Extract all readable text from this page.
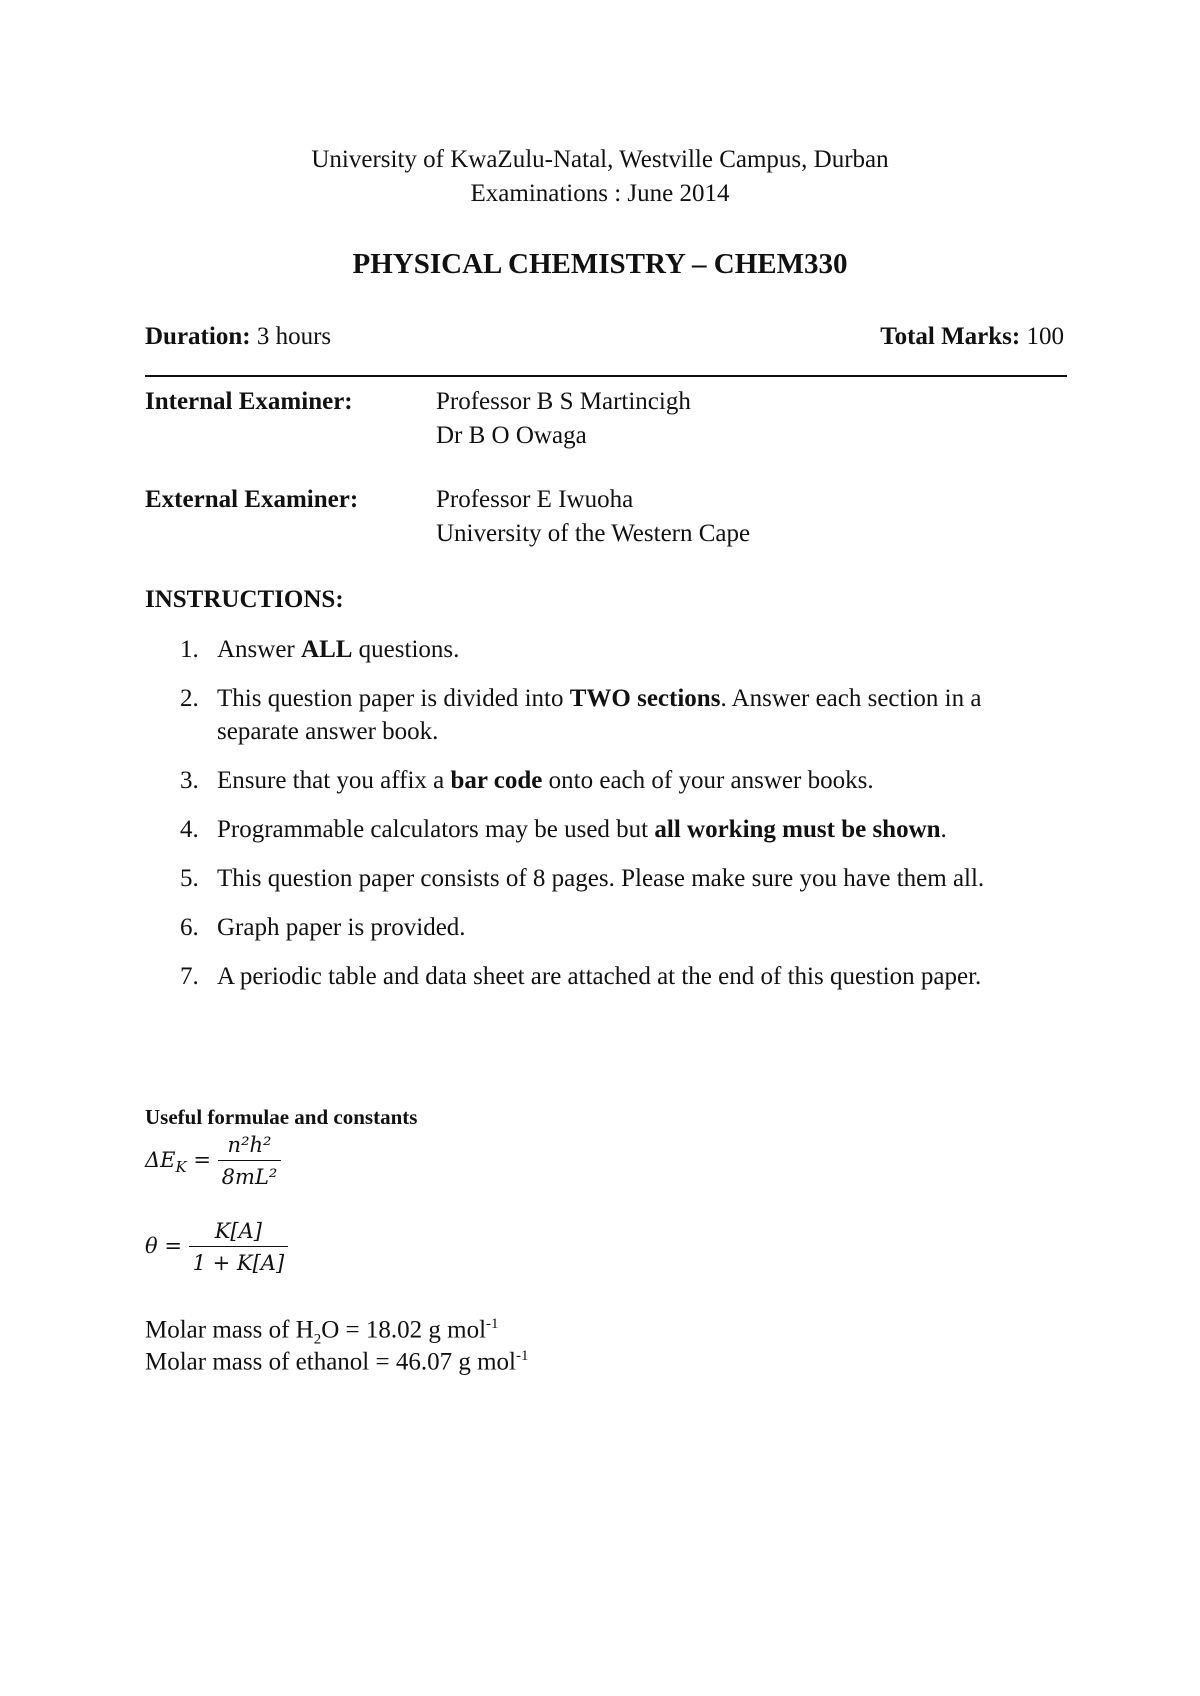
University of KwaZulu-Natal, Westville Campus, Durban
Examinations : June 2014
PHYSICAL CHEMISTRY – CHEM330
Duration: 3 hours	Total Marks: 100
Internal Examiner:	Professor B S Martincigh
Dr B O Owaga
External Examiner:	Professor E Iwuoha
University of the Western Cape
INSTRUCTIONS:
1. Answer ALL questions.
2. This question paper is divided into TWO sections. Answer each section in a separate answer book.
3. Ensure that you affix a bar code onto each of your answer books.
4. Programmable calculators may be used but all working must be shown.
5. This question paper consists of 8 pages. Please make sure you have them all.
6. Graph paper is provided.
7. A periodic table and data sheet are attached at the end of this question paper.
Useful formulae and constants
$\Delta E_K = \frac{\text{n²h²}}{\text{8mL²}}$
$\theta = \frac{K[A]}{1 + K[A]}$
Molar mass of $H_2O = 18.02$ g mol$^{-1}$
Molar mass of ethanol = 46.07 g mol$^{-1}$
